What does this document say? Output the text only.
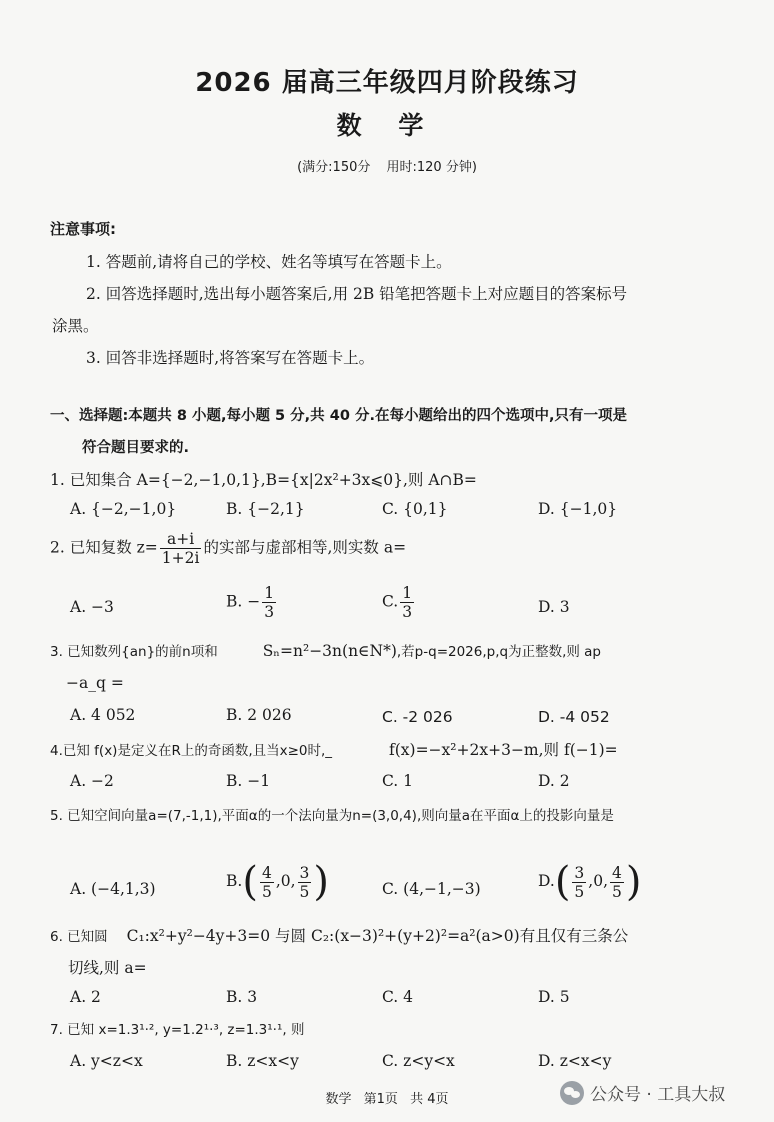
2026 届高三年级四月阶段练习
数 学
(满分:150分 用时:120 分钟)
注意事项:
1. 答题前,请将自己的学校、姓名等填写在答题卡上。
2. 回答选择题时,选出每小题答案后,用 2B 铅笔把答题卡上对应题目的答案标号
涂黑。
3. 回答非选择题时,将答案写在答题卡上。
一、选择题:本题共 8 小题,每小题 5 分,共 40 分.在每小题给出的四个选项中,只有一项是
符合题目要求的.
1. 已知集合 A={−2,−1,0,1},B={x|2x²+3x⩽0},则 A∩B=
A. {−2,−1,0}	B. {−2,1}	C. {0,1}	D. {−1,0}
2. 已知复数 $z= \frac{a+i}{1+2i}$ 的实部与虚部相等,则实数 a=
A. −3	B. − $\frac{1}{3}$	C. $\frac{1}{3}$	D. 3
3. 已知数列{an}的前n项和	Sₙ=n²−3n(n∈N*),若p-q=2026,p,q为正整数,则 ap
−a_q =
A. 4 052	B. 2 026	C. -2 026	D. -4 052
4.已知 f(x)是定义在R上的奇函数,且当x≥0时,_	f(x)=−x²+2x+3−m,则 f(−1)=
A. −2	B. −1	C. 1	D. 2
5. 已知空间向量a=(7,-1,1),平面α的一个法向量为n=(3,0,4),则向量a在平面α上的投影向量是
A. (−4,1,3)	$B.( \frac{4}{5} ,0$, $\frac{3}{5}$ )	C. (4,−1,−3)	$D.( \frac{3}{5} ,0$, $\frac{4}{5}$ )
6. 已知圆 C₁:x²+y²−4y+3=0 与圆 C₂:(x−3)²+(y+2)²=a²(a>0)有且仅有三条公
切线,则 a=
A. 2	B. 3	C. 4	D. 5
7. 已知 x=1.3¹·², y=1.2¹·³, z=1.3¹·¹, 则
A. y<z<x	B. z<x<y	C. z<y<x	D. z<x<y
数学 第1页 共 4页	公众号 · 工具大叔
